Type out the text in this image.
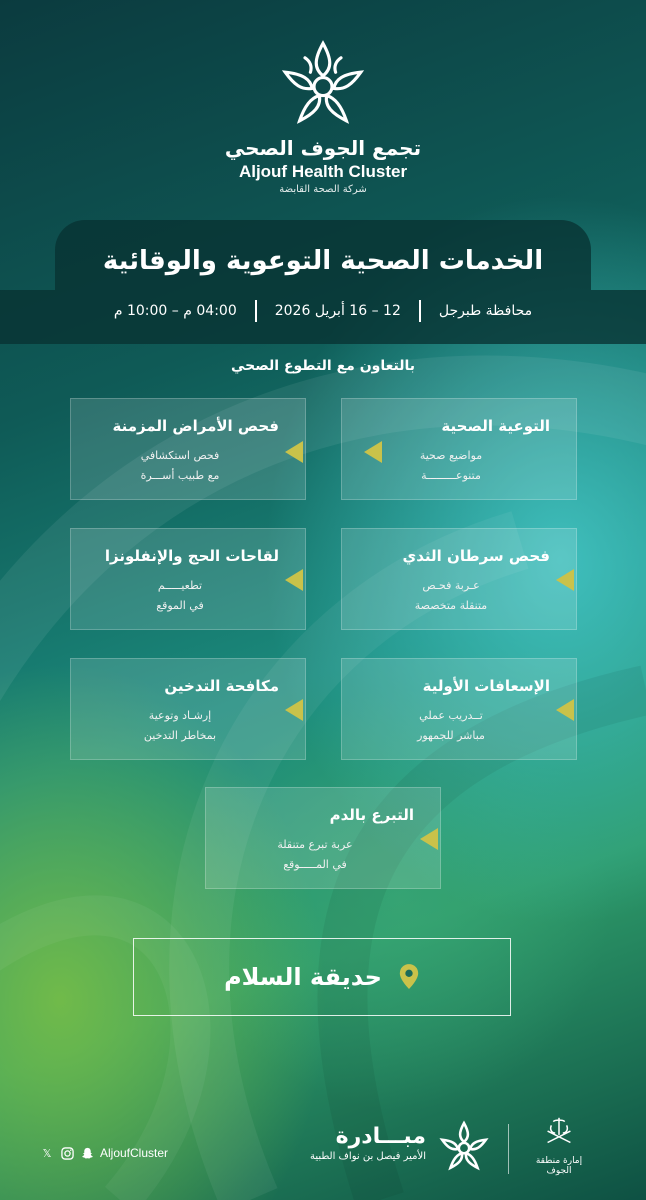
تجمع الجوف الصحي
Aljouf Health Cluster
شركة الصحة القابضة
الخدمات الصحية التوعوية والوقائية
محافظة طبرجل
12 – 16 أبريل 2026
04:00 م – 10:00 م
بالتعاون مع التطوع الصحي
التوعية الصحية
مواضيع صحية
متنوعـــــــــة
فحص الأمراض المزمنة
فحص استكشافي
مع طبيب أســـرة
فحص سرطان الثدي
عـربة فحـص
متنقلة متخصصة
لقاحات الحج والإنفلونزا
تطعيـــــم
في الموقع
الإسعافات الأولية
تــدريب عملي
مباشر للجمهور
مكافحة التدخين
إرشـاد وتوعية
بمخاطر التدخين
التبرع بالدم
عربة تبرع متنقلة
في المـــــوقع
حديقة السلام
𝕏	AljoufCluster
مبـــادرة
الأمير فيصل بن نواف الطبية	إمارة منطقة الجوف
